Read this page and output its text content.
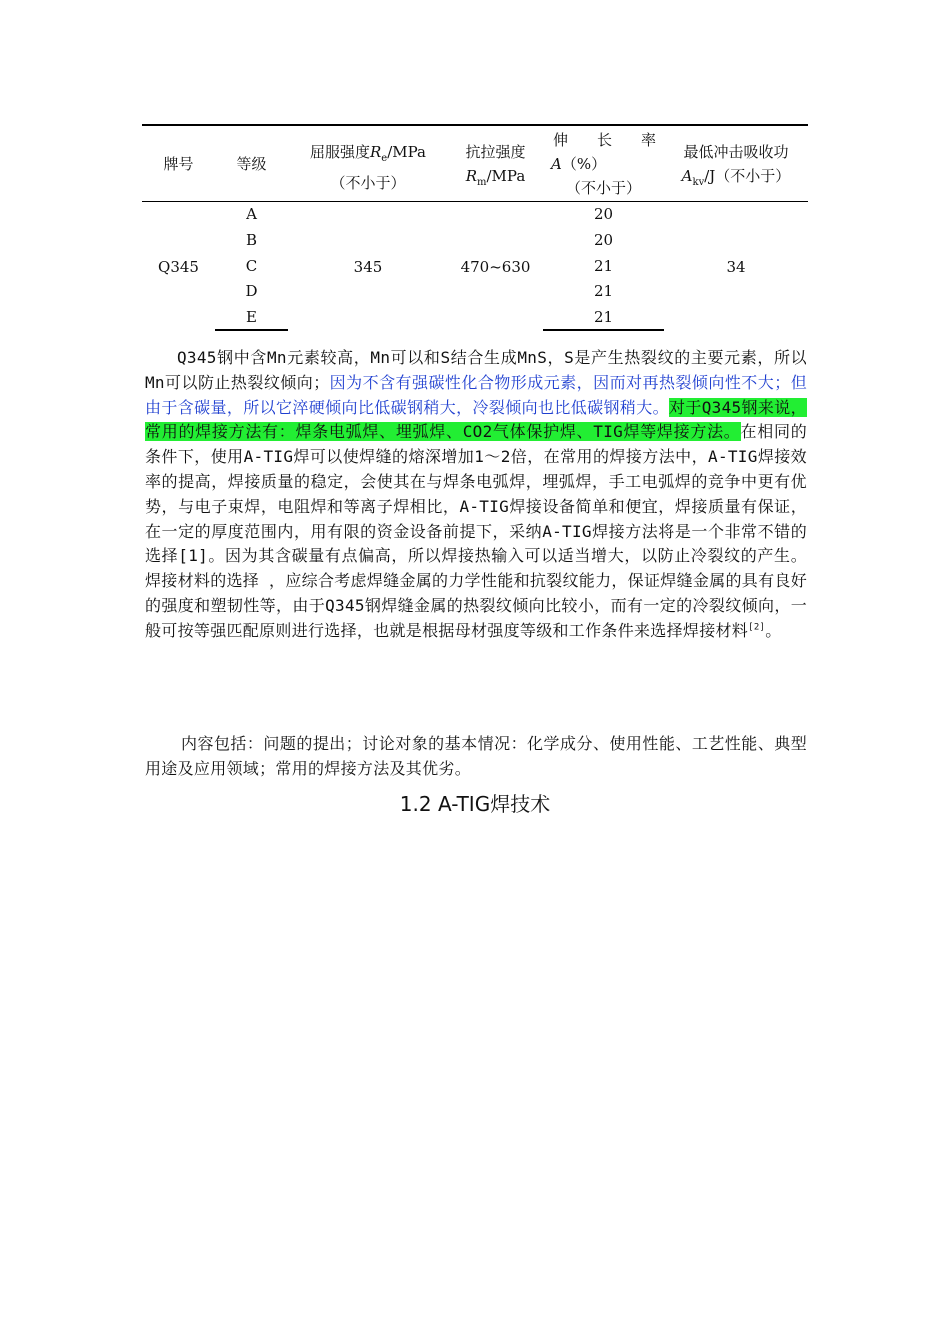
牌号	等级
屈服强度$R_e$/MPa
（不小于）
抗拉强度
$R_m$/MPa
伸　长　率
A（%）
（不小于）
最低冲击吸收功
$A_{kv}/J$（不小于）
Q345
A
B
C
D
E
345	470~630
20
20
21
21
21
34

Q345钢中含Mn元素较高，Mn可以和S结合生成MnS，S是产生热裂纹的主要元素，所以Mn可以防止热裂纹倾向；因为不含有强碳性化合物形成元素，因而对再热裂倾向性不大；但由于含碳量，所以它淬硬倾向比低碳钢稍大，冷裂倾向也比低碳钢稍大。对于Q345钢来说，常用的焊接方法有：焊条电弧焊、埋弧焊、CO2气体保护焊、TIG焊等焊接方法。在相同的条件下，使用A-TIG焊可以使焊缝的熔深增加1～2倍，在常用的焊接方法中，A-TIG焊接效率的提高，焊接质量的稳定，会使其在与焊条电弧焊，埋弧焊，手工电弧焊的竞争中更有优势，与电子束焊，电阻焊和等离子焊相比，A-TIG焊接设备简单和便宜，焊接质量有保证，在一定的厚度范围内，用有限的资金设备前提下，采纳A-TIG焊接方法将是一个非常不错的选择[1]。因为其含碳量有点偏高，所以焊接热输入可以适当增大，以防止冷裂纹的产生。焊接材料的选择 ，应综合考虑焊缝金属的力学性能和抗裂纹能力，保证焊缝金属的具有良好的强度和塑韧性等，由于Q345钢焊缝金属的热裂纹倾向比较小，而有一定的冷裂纹倾向，一般可按等强匹配原则进行选择，也就是根据母材强度等级和工作条件来选择焊接材料[2]。

内容包括：问题的提出；讨论对象的基本情况：化学成分、使用性能、工艺性能、典型用途及应用领域；常用的焊接方法及其优劣。

1.2 A-TIG焊技术
